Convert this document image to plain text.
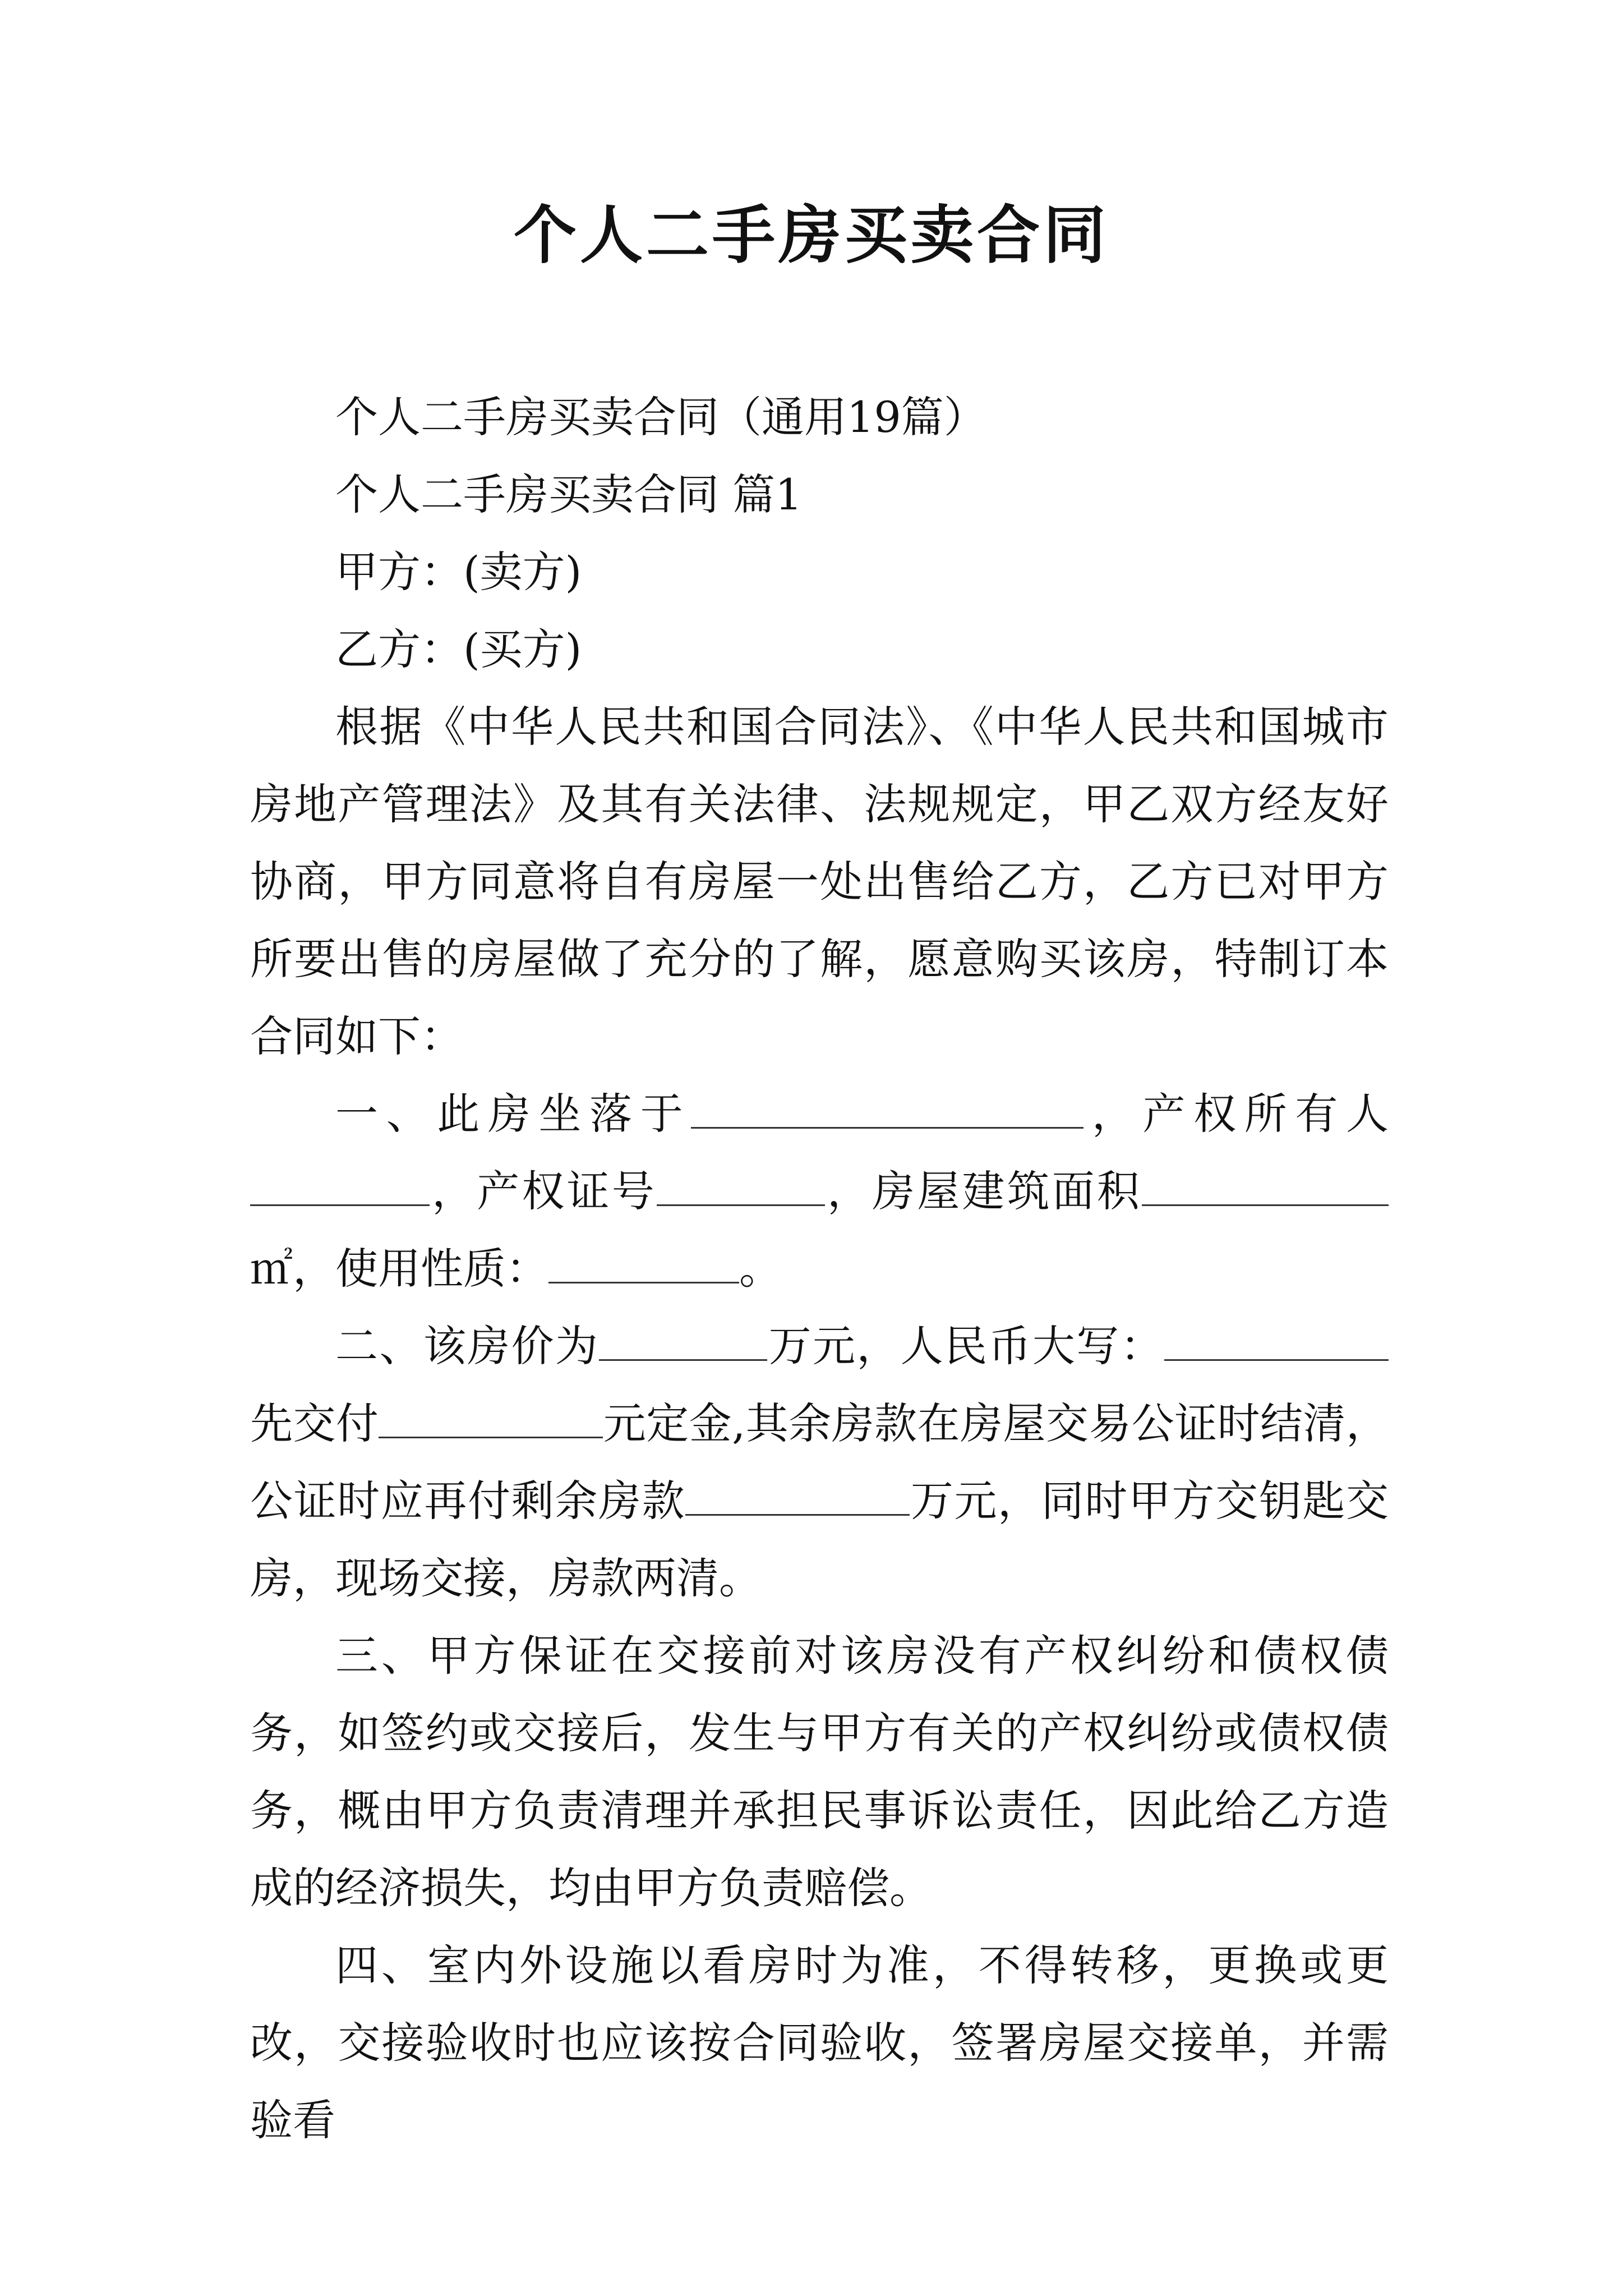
个人二手房买卖合同

个人二手房买卖合同（通用19篇）

个人二手房买卖合同 篇1

甲方：(卖方)

乙方：(买方)

根据《中华人民共和国合同法》、《中华人民共和国城市房地产管理法》及其有关法律、法规规定，甲乙双方经友好协商，甲方同意将自有房屋一处出售给乙方，乙方已对甲方所要出售的房屋做了充分的了解，愿意购买该房，特制订本合同如下：

一、此房坐落于	，产权所有人，产权证号	，房屋建筑面积㎡，使用性质：	。

二、该房价为	万元，人民币大写：先交付	元定金,其余房款在房屋交易公证时结清，公证时应再付剩余房款	万元，同时甲方交钥匙交房，现场交接，房款两清。

三、甲方保证在交接前对该房没有产权纠纷和债权债务，如签约或交接后，发生与甲方有关的产权纠纷或债权债务，概由甲方负责清理并承担民事诉讼责任，因此给乙方造成的经济损失，均由甲方负责赔偿。

四、室内外设施以看房时为准，不得转移，更换或更改，交接验收时也应该按合同验收，签署房屋交接单，并需验看
